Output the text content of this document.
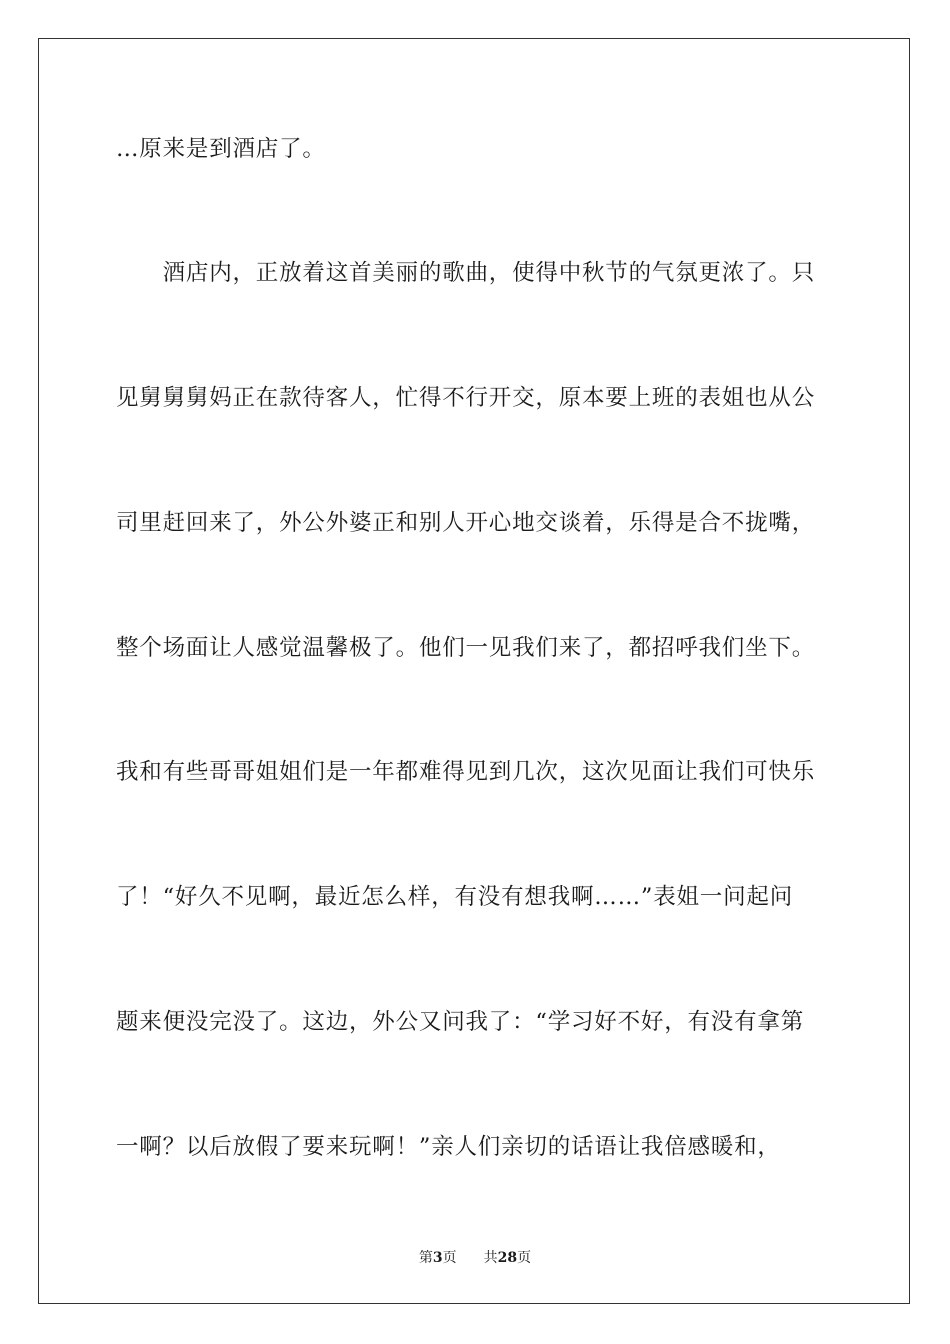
…原来是到酒店了。

　　酒店内，正放着这首美丽的歌曲，使得中秋节的气氛更浓了。只

见舅舅舅妈正在款待客人，忙得不行开交，原本要上班的表姐也从公

司里赶回来了，外公外婆正和别人开心地交谈着，乐得是合不拢嘴，

整个场面让人感觉温馨极了。他们一见我们来了，都招呼我们坐下。

我和有些哥哥姐姐们是一年都难得见到几次，这次见面让我们可快乐

了！“好久不见啊，最近怎么样，有没有想我啊……”表姐一问起问

题来便没完没了。这边，外公又问我了：“学习好不好，有没有拿第

一啊？以后放假了要来玩啊！”亲人们亲切的话语让我倍感暖和，

第3页 共28页
